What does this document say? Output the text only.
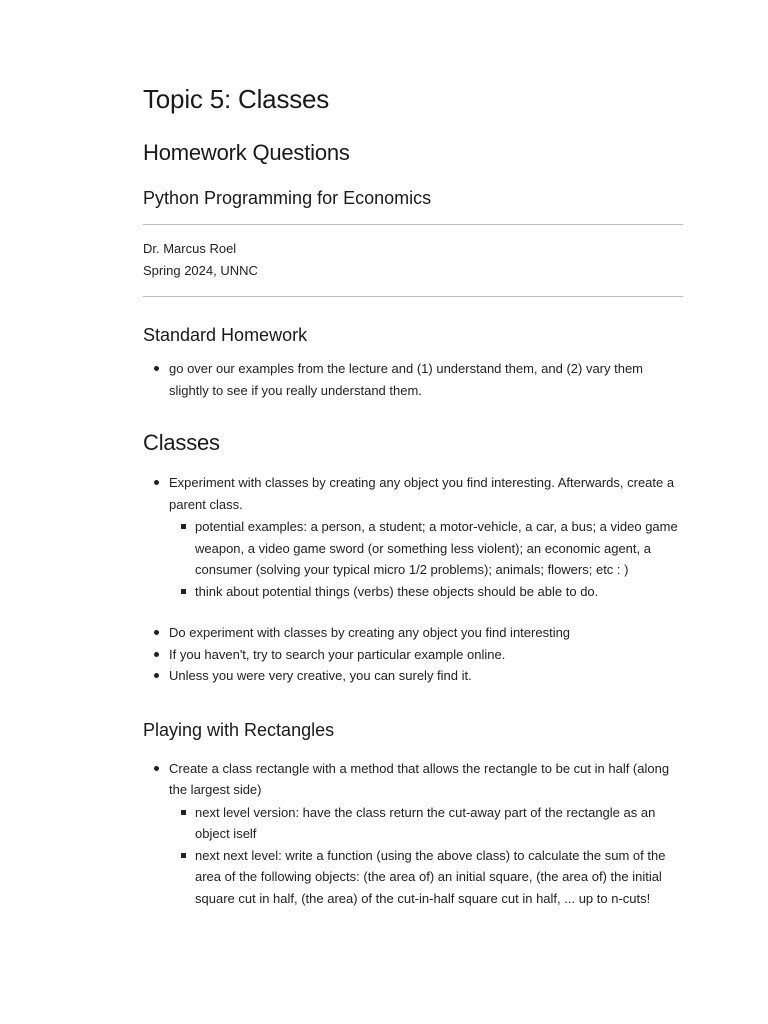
Topic 5: Classes
Homework Questions
Python Programming for Economics
Dr. Marcus Roel
Spring 2024, UNNC
Standard Homework
go over our examples from the lecture and (1) understand them, and (2) vary them slightly to see if you really understand them.
Classes
Experiment with classes by creating any object you find interesting. Afterwards, create a parent class.
potential examples: a person, a student; a motor-vehicle, a car, a bus; a video game weapon, a video game sword (or something less violent); an economic agent, a consumer (solving your typical micro 1/2 problems); animals; flowers; etc : )
think about potential things (verbs) these objects should be able to do.
Do experiment with classes by creating any object you find interesting
If you haven't, try to search your particular example online.
Unless you were very creative, you can surely find it.
Playing with Rectangles
Create a class rectangle with a method that allows the rectangle to be cut in half (along the largest side)
next level version: have the class return the cut-away part of the rectangle as an object iself
next next level: write a function (using the above class) to calculate the sum of the area of the following objects: (the area of) an initial square, (the area of) the initial square cut in half, (the area) of the cut-in-half square cut in half, ... up to n-cuts!
